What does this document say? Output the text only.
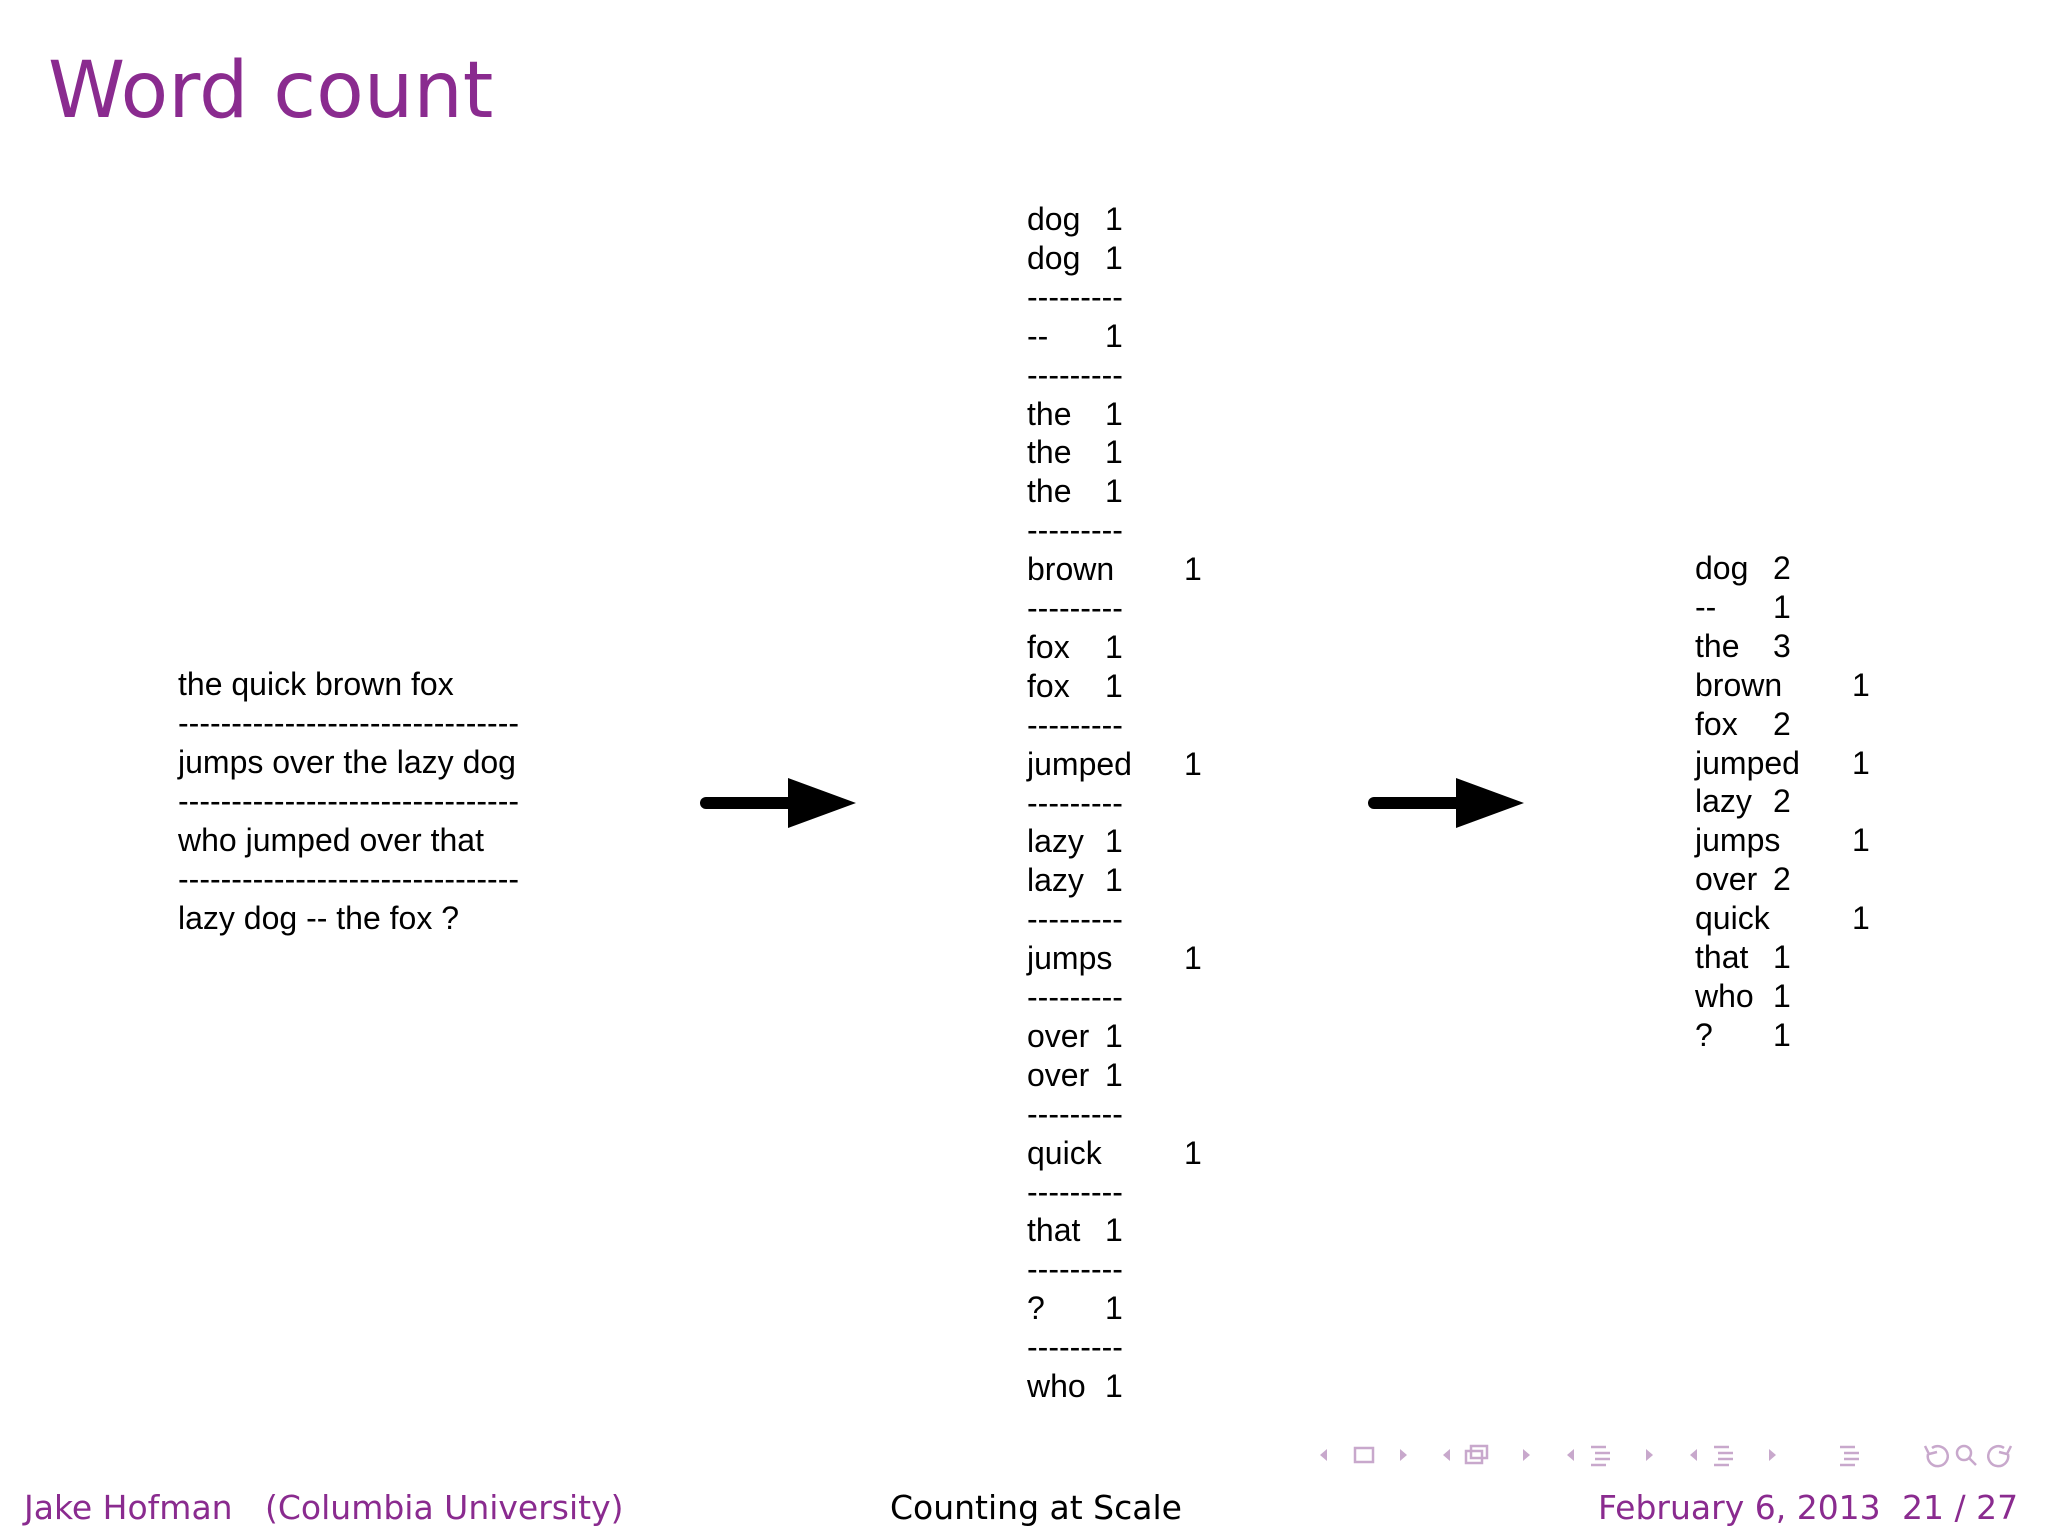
Word count
the quick brown fox
--------------------------------
jumps over the lazy dog
--------------------------------
who jumped over that
--------------------------------
lazy dog -- the fox ?
dog 1
dog 1
---------
-- 1
---------
the 1
the 1
the 1
---------
brown 1
---------
fox 1
fox 1
---------
jumped 1
---------
lazy 1
lazy 1
---------
jumps 1
---------
over 1
over 1
---------
quick	1
---------
that 1
---------
? 1
---------
who 1
dog 2
-- 1
the 3
brown 1
fox 2
jumped 1
lazy 2
jumps 1
over 2
quick	1
that 1
who 1
? 1
Jake Hofman (Columbia University)	Counting at Scale	February 6, 2013 21 / 27
